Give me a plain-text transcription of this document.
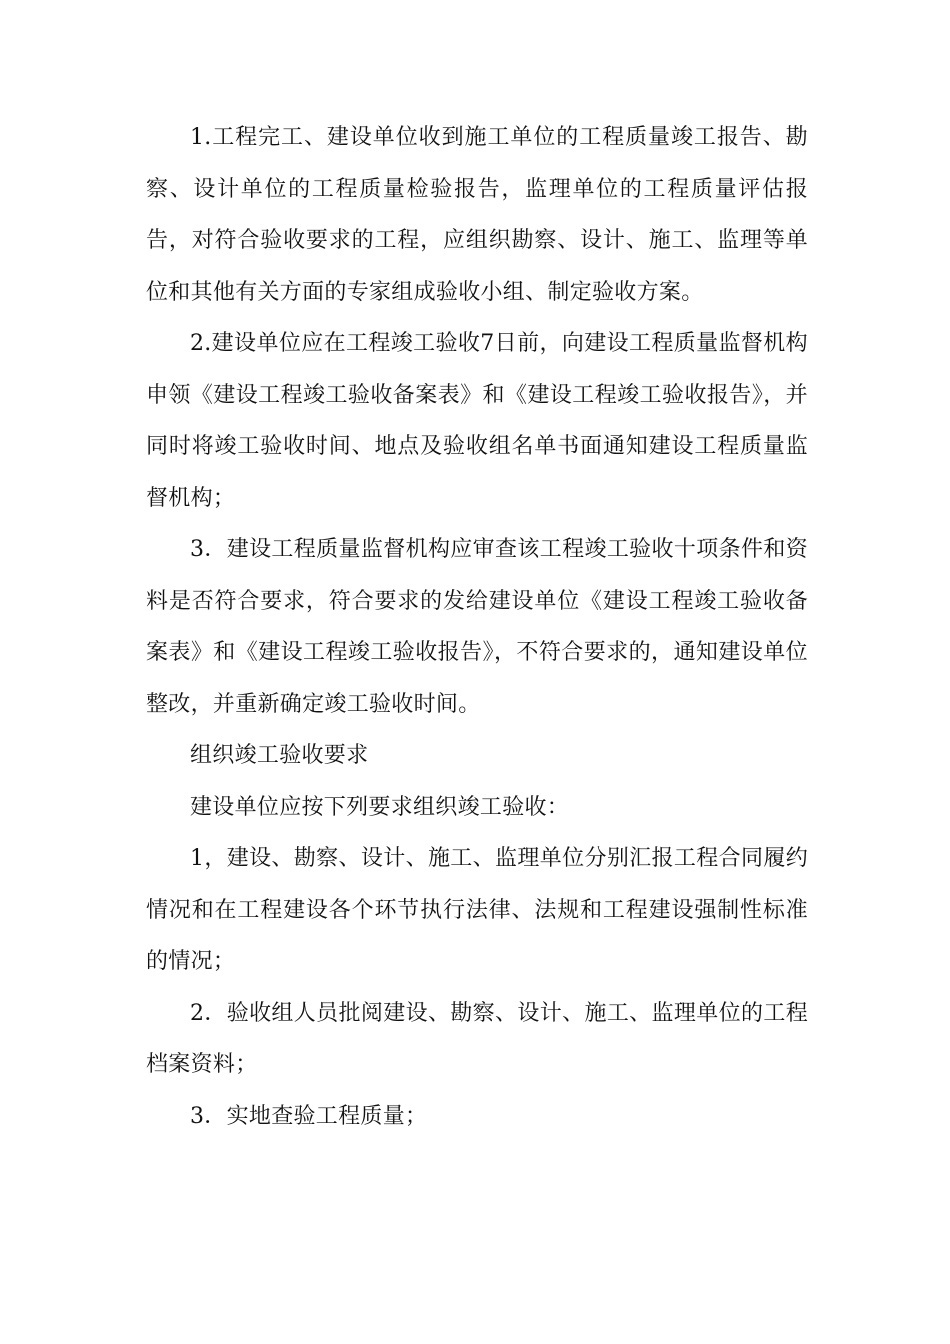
1.工程完工、建设单位收到施工单位的工程质量竣工报告、勘察、设计单位的工程质量检验报告，监理单位的工程质量评估报告，对符合验收要求的工程，应组织勘察、设计、施工、监理等单位和其他有关方面的专家组成验收小组、制定验收方案。

2.建设单位应在工程竣工验收7日前，向建设工程质量监督机构申领《建设工程竣工验收备案表》和《建设工程竣工验收报告》，并同时将竣工验收时间、地点及验收组名单书面通知建设工程质量监督机构；

3．建设工程质量监督机构应审查该工程竣工验收十项条件和资料是否符合要求，符合要求的发给建设单位《建设工程竣工验收备案表》和《建设工程竣工验收报告》，不符合要求的，通知建设单位整改，并重新确定竣工验收时间。

组织竣工验收要求

建设单位应按下列要求组织竣工验收：

1，建设、勘察、设计、施工、监理单位分别汇报工程合同履约情况和在工程建设各个环节执行法律、法规和工程建设强制性标准的情况；

2．验收组人员批阅建设、勘察、设计、施工、监理单位的工程档案资料；

3．实地查验工程质量；
